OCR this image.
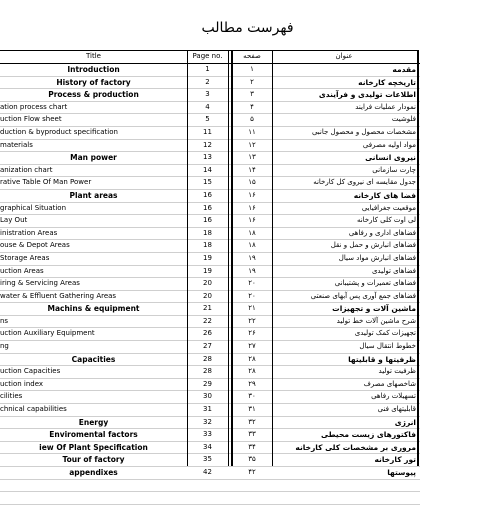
فهرست مطالب
Title	Page no.	صفحه	عنوان
Introduction	1	۱	مقدمه
History of factory	2	۲	تاریخچه کارخانه
Process & production	3	۳	اطلاعات تولیدی و فرآیندی
ation process chart	4	۴	نمودار عملیات فرایند
uction Flow sheet	5	۵	فلوشیت
duction & byproduct specification	11	۱۱	مشخصات محصول و محصول جانبی
materials	12	۱۲	مواد اولیه مصرفی
Man power	13	۱۳	نیروی انسانی
anization chart	14	۱۴	چارت سازمانی
rative Table Of Man Power	15	۱۵	جدول مقایسه ای نیروی کل کارخانه
Plant areas	16	۱۶	فضا های کارخانه
graphical Situation	16	۱۶	موقعیت جغرافیایی
Lay Out	16	۱۶	لی اوت کلی کارخانه
inistration Areas	18	۱۸	فضاهای اداری و رفاهی
ouse & Depot Areas	18	۱۸	فضاهای انبارش و حمل و نقل
Storage Areas	19	۱۹	فضاهای انبارش مواد سیال
uction Areas	19	۱۹	فضاهای تولیدی
iring & Servicing Areas	20	۲۰	فضاهای تعمیرات و پشتیبانی
water & Effluent Gathering Areas	20	۲۰	فضاهای جمع آوری پس آبهای صنعتی
Machins & equipment	21	۲۱	ماشین آلات و تجهیزات
ns	22	۲۲	شرح ماشین آلات خط تولید
uction Auxiliary Equipment	26	۲۶	تجهیزات کمک تولیدی
ng	27	۲۷	خطوط انتقال سیال
Capacities	28	۲۸	ظرفیتها و قابلیتها
uction Capacities	28	۲۸	ظرفیت تولید
uction index	29	۲۹	شاخصهای مصرف
cilities	30	۳۰	تسهیلات رفاهی
chnical capabilities	31	۳۱	قابلیتهای فنی
Energy	32	۳۲	انرژی
Enviromental factors	33	۳۳	فاکتورهای زیست محیطی
iew Of Plant Specification	34	۳۴	مروری بر مشخصات کلی کارخانه
Tour of factory	35	۳۵	تور کارخانه
appendixes	42	۴۲	پیوستها
